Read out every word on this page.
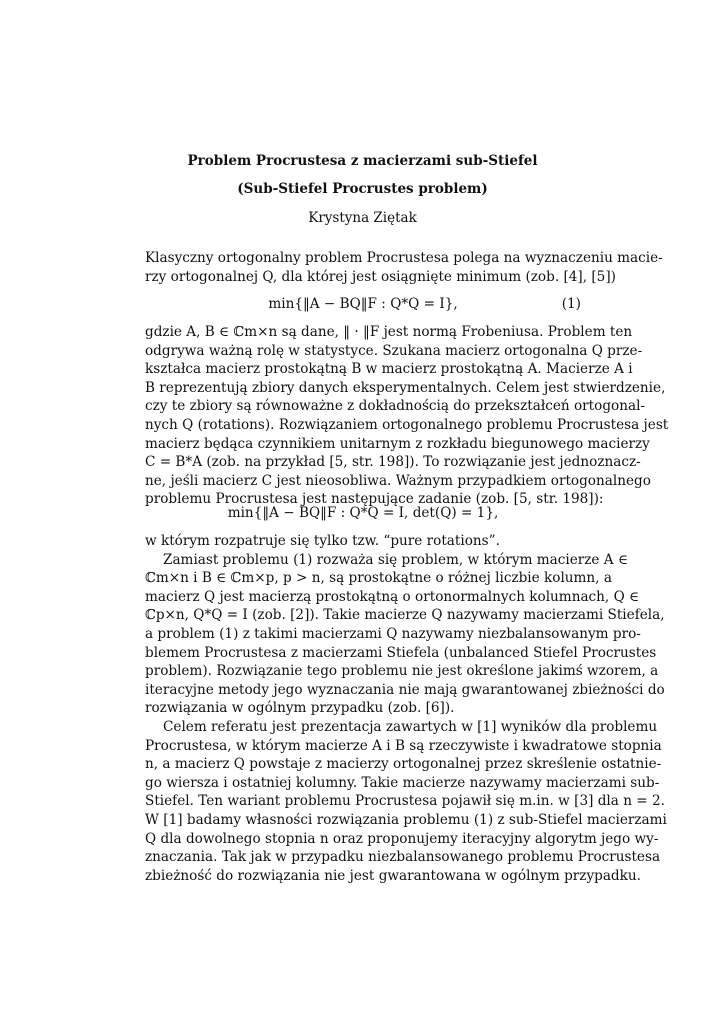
Problem Procrustesa z macierzami sub-Stiefel
(Sub-Stiefel Procrustes problem)
Krystyna Ziętak
Klasyczny ortogonalny problem Procrustesa polega na wyznaczeniu macie-
rzy ortogonalnej Q, dla której jest osiągnięte minimum (zob. [4], [5])
min{‖A − BQ‖F : Q*Q = I},	(1)
gdzie A, B ∈ ℂm×n są dane, ‖ · ‖F jest normą Frobeniusa. Problem ten
odgrywa ważną rolę w statystyce. Szukana macierz ortogonalna Q prze-
kształca macierz prostokątną B w macierz prostokątną A. Macierze A i
B reprezentują zbiory danych eksperymentalnych. Celem jest stwierdzenie,
czy te zbiory są równoważne z dokładnością do przekształceń ortogonal-
nych Q (rotations). Rozwiązaniem ortogonalnego problemu Procrustesa jest
macierz będąca czynnikiem unitarnym z rozkładu biegunowego macierzy
C = B*A (zob. na przykład [5, str. 198]). To rozwiązanie jest jednoznacz-
ne, jeśli macierz C jest nieosobliwa. Ważnym przypadkiem ortogonalnego
problemu Procrustesa jest następujące zadanie (zob. [5, str. 198]):
min{‖A − BQ‖F : Q*Q = I, det(Q) = 1},
w którym rozpatruje się tylko tzw. “pure rotations”.
Zamiast problemu (1) rozważa się problem, w którym macierze A ∈
ℂm×n i B ∈ ℂm×p, p > n, są prostokątne o różnej liczbie kolumn, a
macierz Q jest macierzą prostokątną o ortonormalnych kolumnach, Q ∈
ℂp×n, Q*Q = I (zob. [2]). Takie macierze Q nazywamy macierzami Stiefela,
a problem (1) z takimi macierzami Q nazywamy niezbalansowanym pro-
blemem Procrustesa z macierzami Stiefela (unbalanced Stiefel Procrustes
problem). Rozwiązanie tego problemu nie jest określone jakimś wzorem, a
iteracyjne metody jego wyznaczania nie mają gwarantowanej zbieżności do
rozwiązania w ogólnym przypadku (zob. [6]).
Celem referatu jest prezentacja zawartych w [1] wyników dla problemu
Procrustesa, w którym macierze A i B są rzeczywiste i kwadratowe stopnia
n, a macierz Q powstaje z macierzy ortogonalnej przez skreślenie ostatnie-
go wiersza i ostatniej kolumny. Takie macierze nazywamy macierzami sub-
Stiefel. Ten wariant problemu Procrustesa pojawił się m.in. w [3] dla n = 2.
W [1] badamy własności rozwiązania problemu (1) z sub-Stiefel macierzami
Q dla dowolnego stopnia n oraz proponujemy iteracyjny algorytm jego wy-
znaczania. Tak jak w przypadku niezbalansowanego problemu Procrustesa
zbieżność do rozwiązania nie jest gwarantowana w ogólnym przypadku.
